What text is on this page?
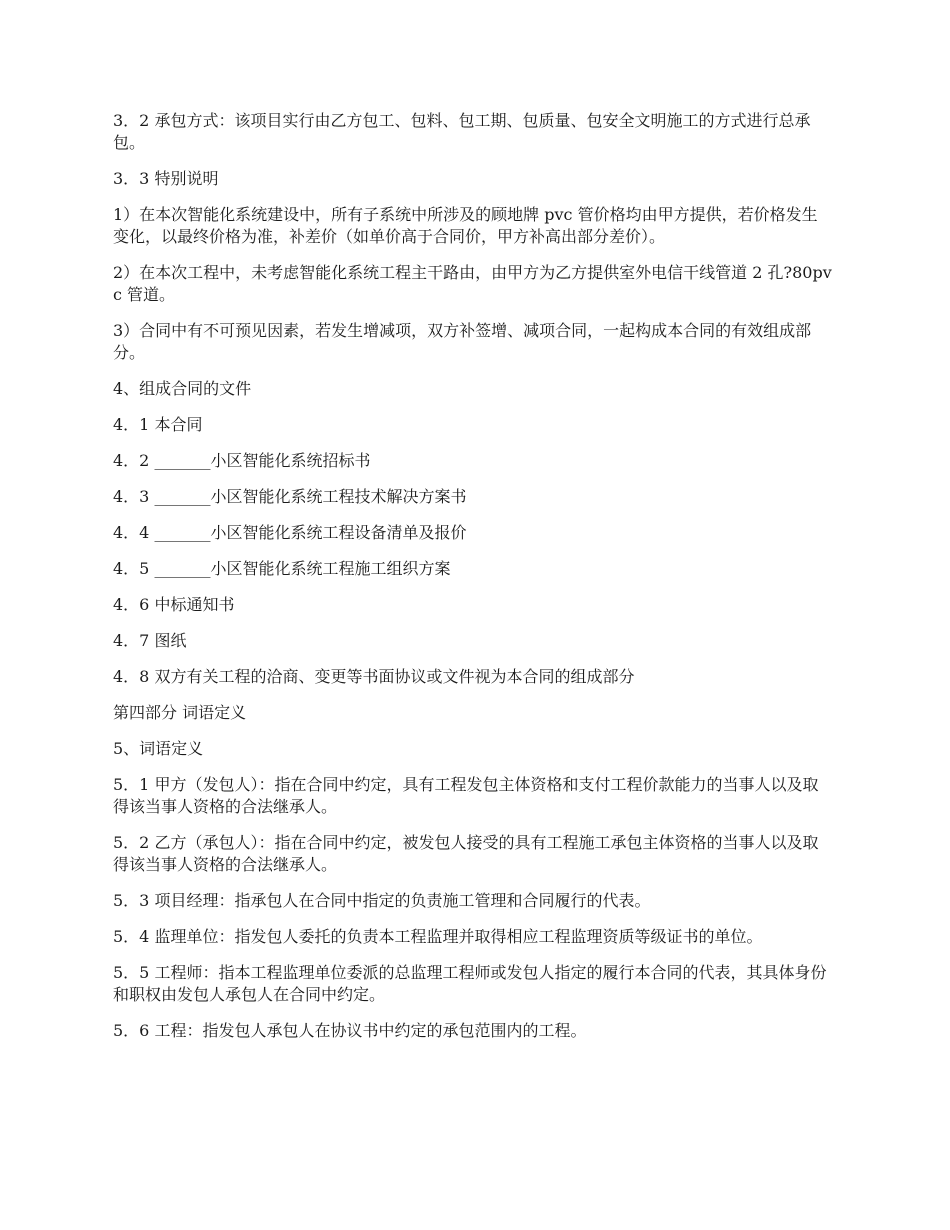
3．2 承包方式：该项目实行由乙方包工、包料、包工期、包质量、包安全文明施工的方式进行总承包。

3．3 特别说明

1）在本次智能化系统建设中，所有子系统中所涉及的顾地牌 pvc 管价格均由甲方提供，若价格发生变化，以最终价格为准，补差价（如单价高于合同价，甲方补高出部分差价）。

2）在本次工程中，未考虑智能化系统工程主干路由，由甲方为乙方提供室外电信干线管道 2 孔?80pvc 管道。

3）合同中有不可预见因素，若发生增减项，双方补签增、减项合同，一起构成本合同的有效组成部分。

4、组成合同的文件

4．1 本合同

4．2 _______小区智能化系统招标书

4．3 _______小区智能化系统工程技术解决方案书

4．4 _______小区智能化系统工程设备清单及报价

4．5 _______小区智能化系统工程施工组织方案

4．6 中标通知书

4．7 图纸

4．8 双方有关工程的洽商、变更等书面协议或文件视为本合同的组成部分

第四部分 词语定义

5、词语定义

5．1 甲方（发包人）：指在合同中约定，具有工程发包主体资格和支付工程价款能力的当事人以及取得该当事人资格的合法继承人。

5．2 乙方（承包人）：指在合同中约定，被发包人接受的具有工程施工承包主体资格的当事人以及取得该当事人资格的合法继承人。

5．3 项目经理：指承包人在合同中指定的负责施工管理和合同履行的代表。

5．4 监理单位：指发包人委托的负责本工程监理并取得相应工程监理资质等级证书的单位。

5．5 工程师：指本工程监理单位委派的总监理工程师或发包人指定的履行本合同的代表，其具体身份和职权由发包人承包人在合同中约定。

5．6 工程：指发包人承包人在协议书中约定的承包范围内的工程。
